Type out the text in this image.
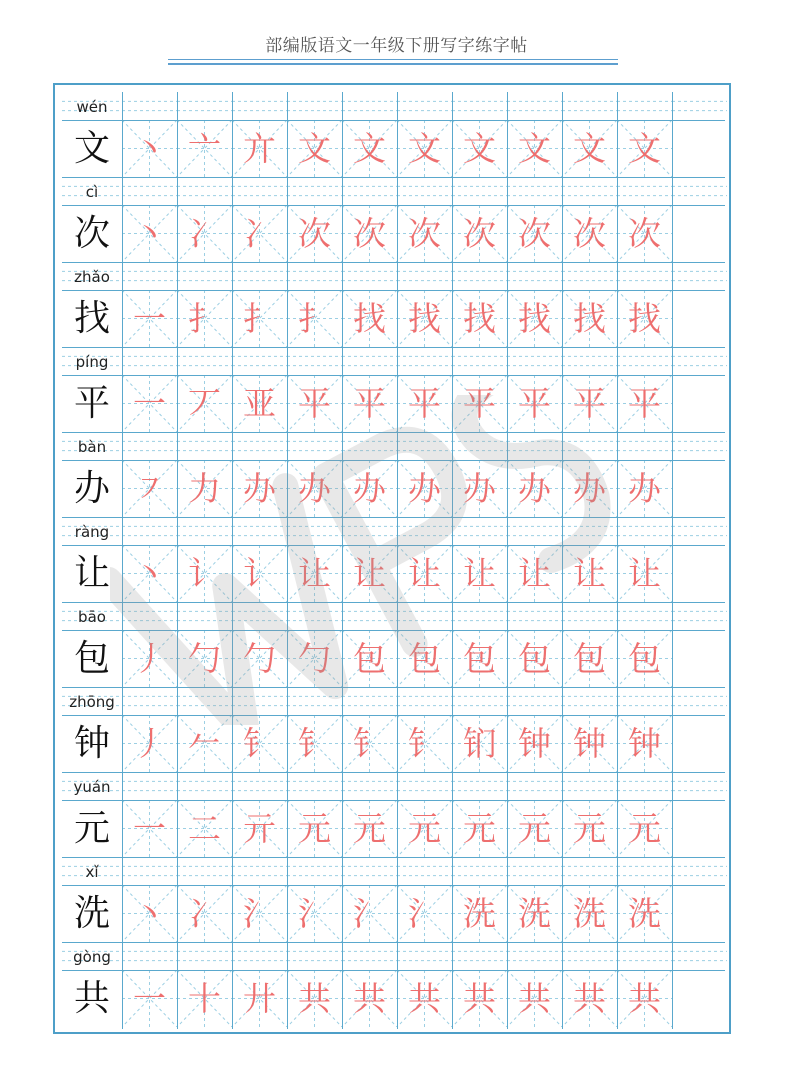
部编版语文一年级下册写字练字帖
wén
文 丶 亠 亣 文 文 文 文 文 文 文
cì
次 丶 冫 冫 次 次 次 次 次 次 次
zhǎo
找 一 扌 扌 扌 找 找 找 找 找 找
píng
平 一 丆 亚 平 平 平 平 平 平 平
bàn
办 ㇇ 力 办 办 办 办 办 办 办 办
ràng
让 丶 讠 讠 让 让 让 让 让 让 让
bāo
包 丿 勹 勹 勹 包 包 包 包 包 包
zhōng
钟 丿 𠂉 钅 钅 钅 钅 钔 钟 钟 钟
yuán
元 一 二 亓 元 元 元 元 元 元 元
xǐ
洗 丶 冫 氵 氵 氵 氵 洗 洗 洗 洗
gòng
共 一 十 廾 共 共 共 共 共 共 共
